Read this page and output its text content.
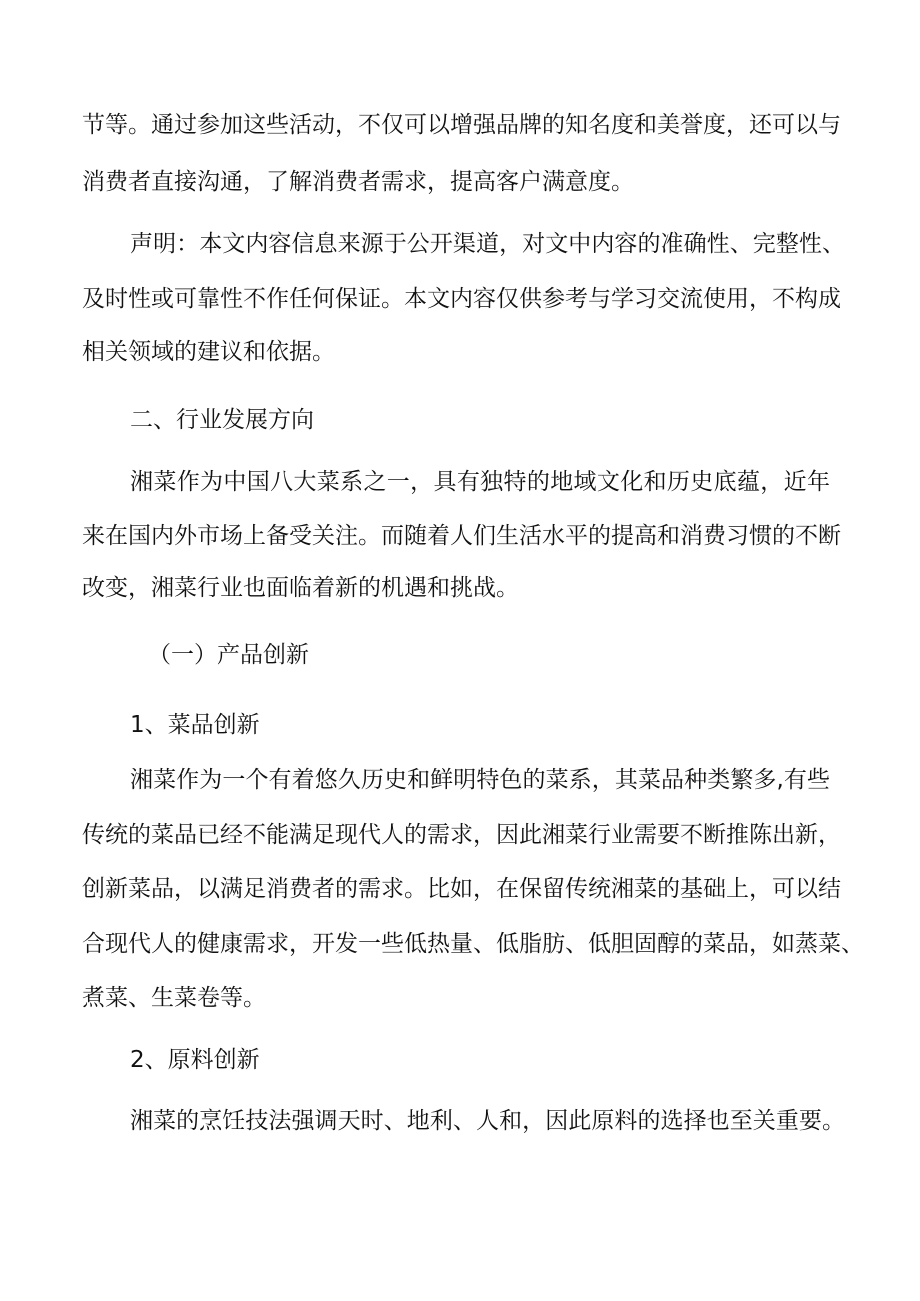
节等。通过参加这些活动，不仅可以增强品牌的知名度和美誉度，还可以与
消费者直接沟通，了解消费者需求，提高客户满意度。
声明：本文内容信息来源于公开渠道，对文中内容的准确性、完整性、
及时性或可靠性不作任何保证。本文内容仅供参考与学习交流使用，不构成
相关领域的建议和依据。
二、行业发展方向
湘菜作为中国八大菜系之一，具有独特的地域文化和历史底蕴，近年
来在国内外市场上备受关注。而随着人们生活水平的提高和消费习惯的不断
改变，湘菜行业也面临着新的机遇和挑战。
（一）产品创新
1、菜品创新
湘菜作为一个有着悠久历史和鲜明特色的菜系，其菜品种类繁多,有些
传统的菜品已经不能满足现代人的需求，因此湘菜行业需要不断推陈出新，
创新菜品，以满足消费者的需求。比如，在保留传统湘菜的基础上，可以结
合现代人的健康需求，开发一些低热量、低脂肪、低胆固醇的菜品，如蒸菜、
煮菜、生菜卷等。
2、原料创新
湘菜的烹饪技法强调天时、地利、人和，因此原料的选择也至关重要。
